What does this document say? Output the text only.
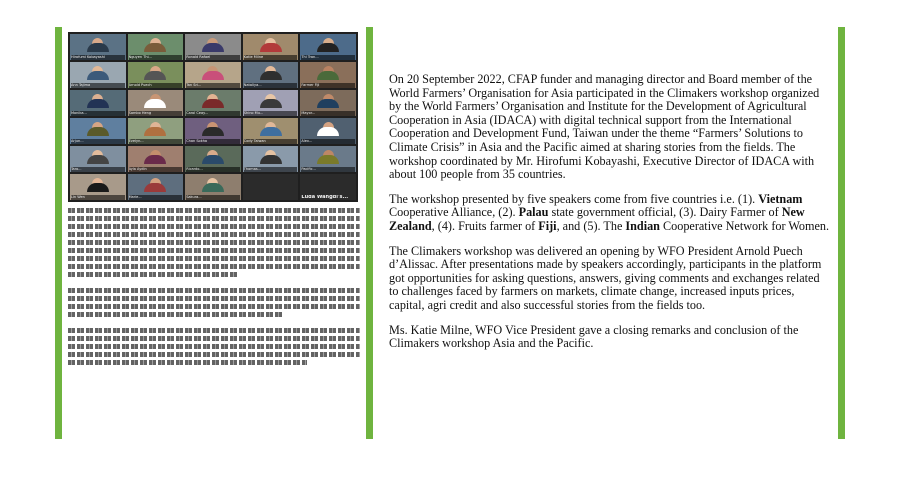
Hirofumi Kobayashi	Nguyen Thi...	Ronald Rafael	Katie Milne	Thi Tran...
Ann Tajima	Arnold Puech	Tan Sri...	Nataliya...	Farmer Fiji
Monika...	Sambo Heng	Carol Ceay...	Shino Mu...	Mayor...
Arjun...	Evelyn...	Chan Sokha	Cody Taiwan	Alex...
Taro...	Ayla Aydin	Ricardo...	Thomas...	Pacific...
Lin Wen	Marie...	Sakura...	Luda Wangdi's...

On 20 September 2022, CFAP funder and managing director and Board member of the World Farmers’ Organisation for Asia participated in the Climakers workshop organized by the World Farmers’ Organisation and Institute for the Development of Agricultural Cooperation in Asia (IDACA) with digital technical support from the International Cooperation and Development Fund, Taiwan under the theme “Farmers’ Solutions to Climate Crisis” in Asia and the Pacific aimed at sharing stories from the fields. The workshop coordinated by Mr. Hirofumi Kobayashi, Executive Director of IDACA with about 100 people from 35 countries.

The workshop presented by five speakers come from five countries i.e. (1). Vietnam Cooperative Alliance, (2). Palau state government official, (3). Dairy Farmer of New Zealand, (4). Fruits farmer of Fiji, and (5). The Indian Cooperative Network for Women.

The Climakers workshop was delivered an opening by WFO President Arnold Puech d’Alissac. After presentations made by speakers accordingly, participants in the platform got opportunities for asking questions, answers, giving comments and exchanges related to challenges faced by farmers on markets, climate change, increased inputs prices, capital, agri credit and also successful stories from the fields too.

Ms. Katie Milne, WFO Vice President gave a closing remarks and conclusion of the Climakers workshop Asia and the Pacific.
